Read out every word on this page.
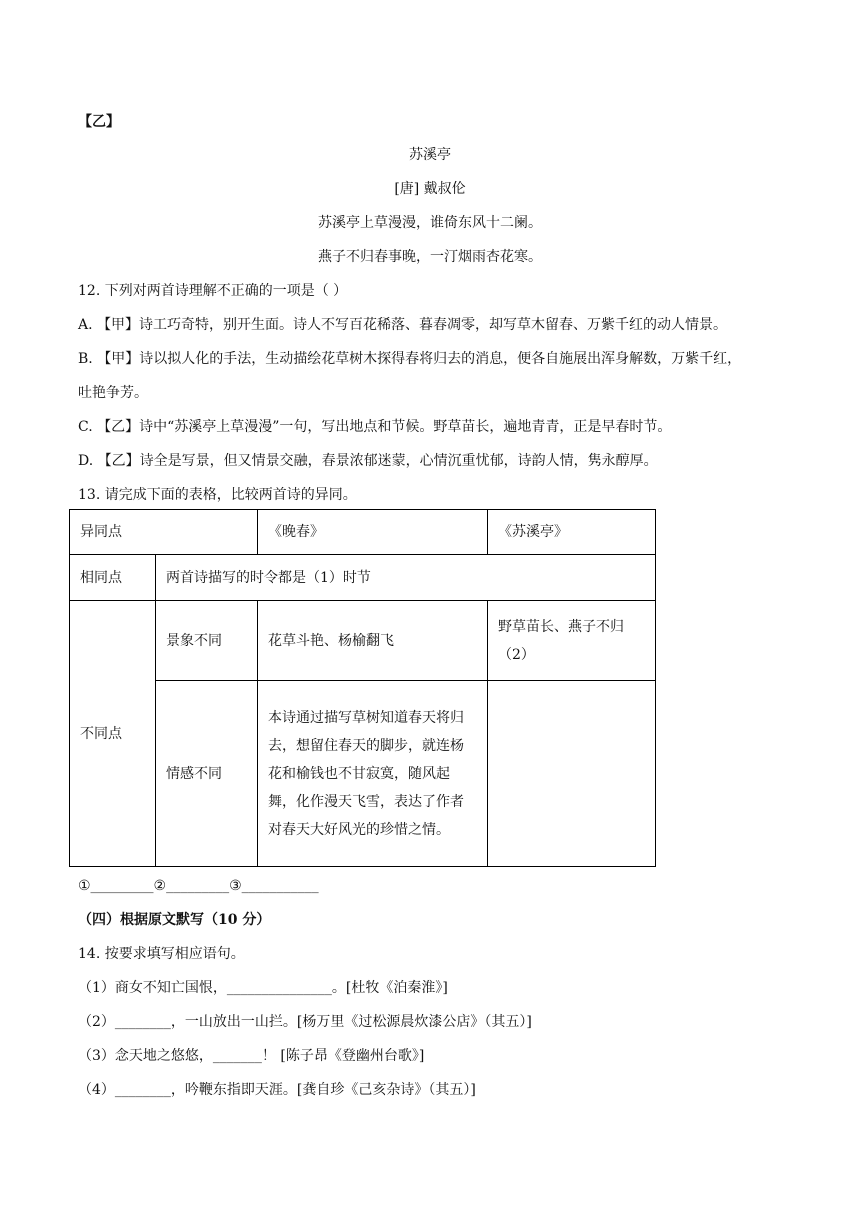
【乙】
苏溪亭
[唐] 戴叔伦
苏溪亭上草漫漫，谁倚东风十二阑。
燕子不归春事晚，一汀烟雨杏花寒。
12. 下列对两首诗理解不正确的一项是（ ）
A. 【甲】诗工巧奇特，别开生面。诗人不写百花稀落、暮春凋零，却写草木留春、万紫千红的动人情景。
B. 【甲】诗以拟人化的手法，生动描绘花草树木探得春将归去的消息，便各自施展出浑身解数，万紫千红，
吐艳争芳。
C. 【乙】诗中“苏溪亭上草漫漫”一句，写出地点和节候。野草苗长，遍地青青，正是早春时节。
D. 【乙】诗全是写景，但又情景交融，春景浓郁迷蒙，心情沉重忧郁，诗韵人情，隽永醇厚。
13. 请完成下面的表格，比较两首诗的异同。
异同点		《晚春》	《苏溪亭》
相同点	两首诗描写的时令都是（1）时节		
不同点	景象不同	花草斗艳、杨榆翻飞	野草苗长、燕子不归
（2）

	情感不同	本诗通过描写草树知道春天将归去，想留住春天的脚步，就连杨花和榆钱也不甘寂寞，随风起舞，化作漫天飞雪，表达了作者对春天大好风光的珍惜之情。	

①_________②_________③___________
（四）根据原文默写（10 分）
14. 按要求填写相应语句。
（1）商女不知亡国恨，_______________。[杜牧《泊秦淮》]
（2）________，一山放出一山拦。[杨万里《过松源晨炊漆公店》（其五）]
（3）念天地之悠悠，_______！ [陈子昂《登幽州台歌》]
（4）________，吟鞭东指即天涯。[龚自珍《己亥杂诗》（其五）]
